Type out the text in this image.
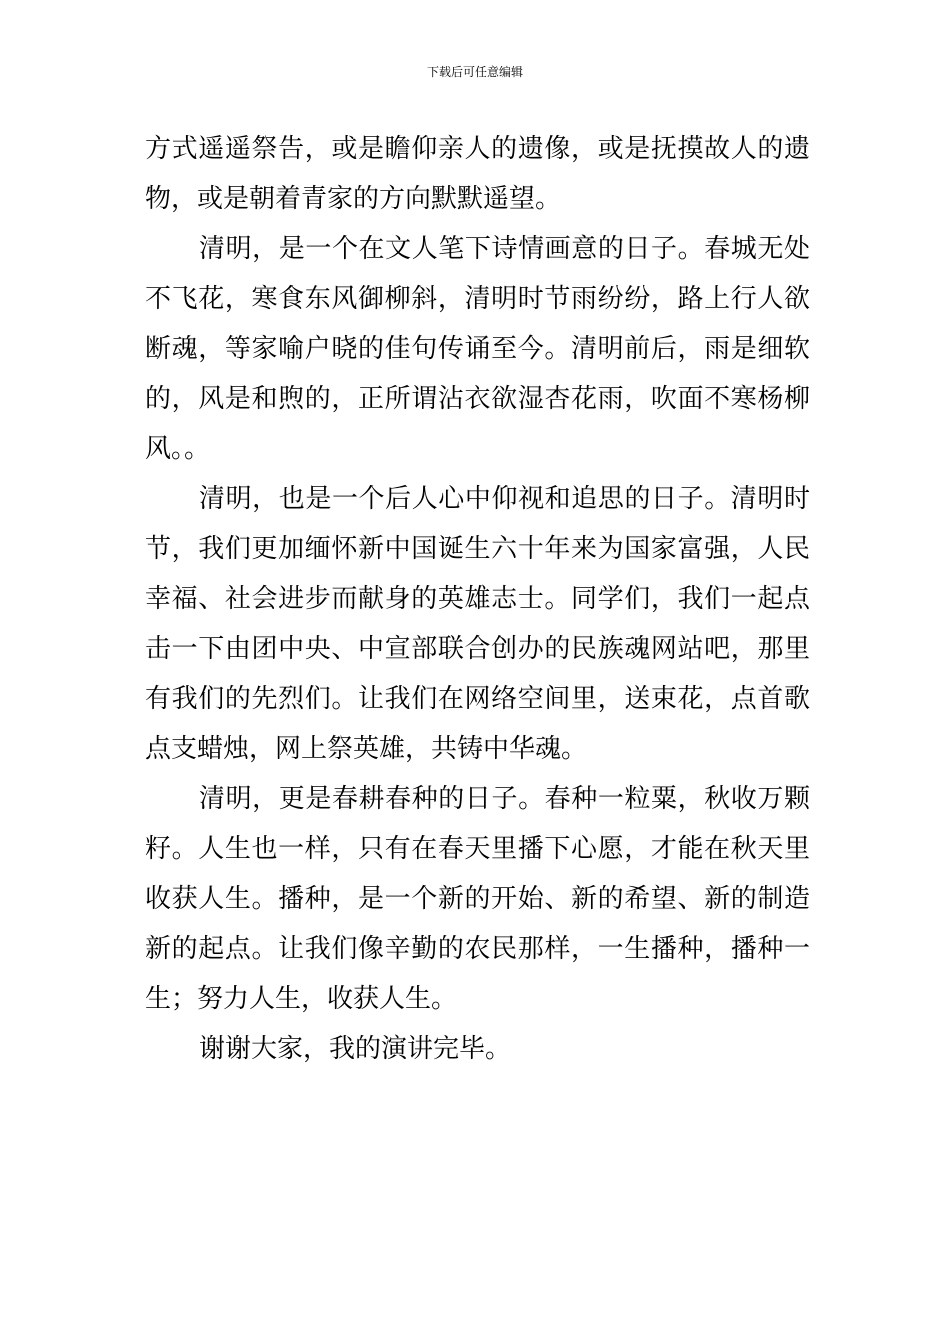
下载后可任意编辑
方式遥遥祭告，或是瞻仰亲人的遗像，或是抚摸故人的遗
物，或是朝着青家的方向默默遥望。
清明，是一个在文人笔下诗情画意的日子。春城无处
不飞花，寒食东风御柳斜，清明时节雨纷纷，路上行人欲
断魂，等家喻户晓的佳句传诵至今。清明前后，雨是细软
的，风是和煦的，正所谓沾衣欲湿杏花雨，吹面不寒杨柳
风。。
清明，也是一个后人心中仰视和追思的日子。清明时
节，我们更加缅怀新中国诞生六十年来为国家富强，人民
幸福、社会进步而献身的英雄志士。同学们，我们一起点
击一下由团中央、中宣部联合创办的民族魂网站吧，那里
有我们的先烈们。让我们在网络空间里，送束花，点首歌
点支蜡烛，网上祭英雄，共铸中华魂。
清明，更是春耕春种的日子。春种一粒粟，秋收万颗
籽。人生也一样，只有在春天里播下心愿，才能在秋天里
收获人生。播种，是一个新的开始、新的希望、新的制造
新的起点。让我们像辛勤的农民那样，一生播种，播种一
生；努力人生，收获人生。
谢谢大家，我的演讲完毕。
